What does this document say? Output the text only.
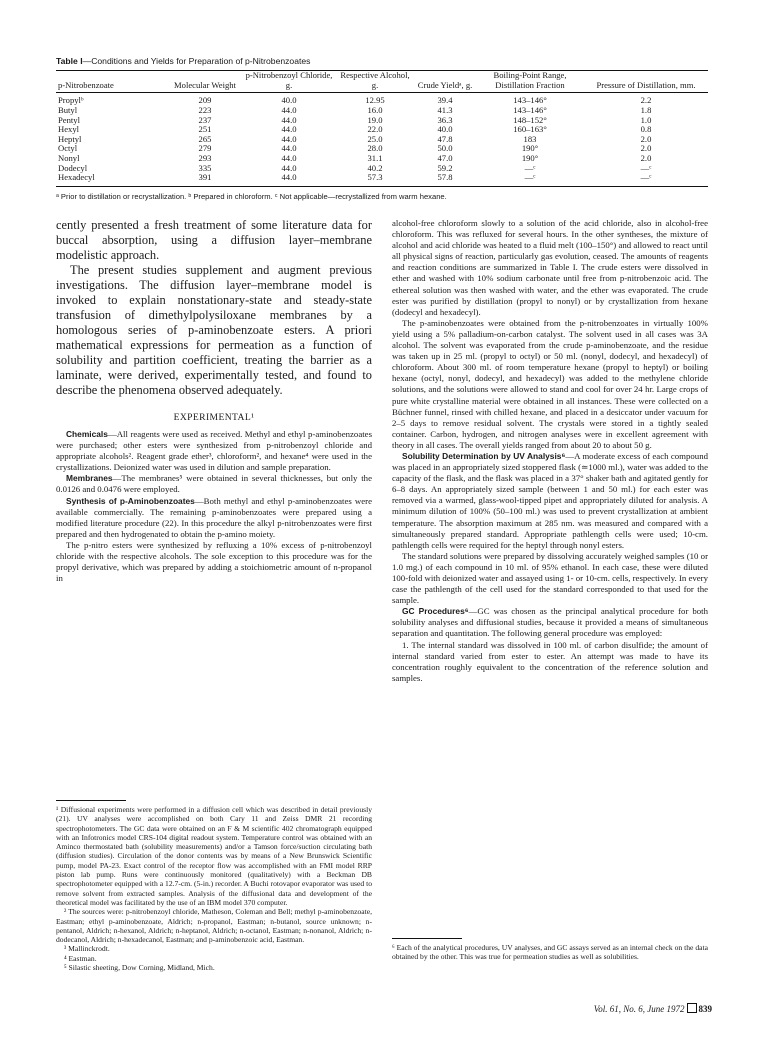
Table I—Conditions and Yields for Preparation of p-Nitrobenzoates
p-Nitrobenzoate	Molecular Weight	p-Nitrobenzoyl Chloride, g.	Respective Alcohol, g.	Crude Yieldᵃ, g.	Boiling-Point Range, Distillation Fraction	Pressure of Distillation, mm.
Propylᵇ	209	40.0	12.95	39.4	143–146°	2.2
Butyl	223	44.0	16.0	41.3	143–146°	1.8
Pentyl	237	44.0	19.0	36.3	148–152°	1.0
Hexyl	251	44.0	22.0	40.0	160–163°	0.8
Heptyl	265	44.0	25.0	47.8	183	2.0
Octyl	279	44.0	28.0	50.0	190°	2.0
Nonyl	293	44.0	31.1	47.0	190°	2.0
Dodecyl	335	44.0	40.2	59.2	—ᶜ	—ᶜ
Hexadecyl	391	44.0	57.3	57.8	—ᶜ	—ᶜ
ᵃ Prior to distillation or recrystallization. ᵇ Prepared in chloroform. ᶜ Not applicable—recrystallized from warm hexane.

cently presented a fresh treatment of some literature data for buccal absorption, using a diffusion layer–membrane modelistic approach.

The present studies supplement and augment previous investigations. The diffusion layer–membrane model is invoked to explain nonstationary-state and steady-state transfusion of dimethylpolysiloxane membranes by a homologous series of p-aminobenzoate esters. A priori mathematical expressions for permeation as a function of solubility and partition coefficient, treating the barrier as a laminate, were derived, experimentally tested, and found to describe the phenomena observed adequately.

EXPERIMENTAL¹

Chemicals—All reagents were used as received. Methyl and ethyl p-aminobenzoates were purchased; other esters were synthesized from p-nitrobenzoyl chloride and appropriate alcohols². Reagent grade ether³, chloroform², and hexane⁴ were used in the crystallizations. Deionized water was used in dilution and sample preparation.

Membranes—The membranes⁵ were obtained in several thicknesses, but only the 0.0126 and 0.0476 were employed.

Synthesis of p-Aminobenzoates—Both methyl and ethyl p-aminobenzoates were available commercially. The remaining p-aminobenzoates were prepared using a modified literature procedure (22). In this procedure the alkyl p-nitrobenzoates were first prepared and then hydrogenated to obtain the p-amino moiety.

The p-nitro esters were synthesized by refluxing a 10% excess of p-nitrobenzoyl chloride with the respective alcohols. The sole exception to this procedure was for the propyl derivative, which was prepared by adding a stoichiometric amount of n-propanol in

alcohol-free chloroform slowly to a solution of the acid chloride, also in alcohol-free chloroform. This was refluxed for several hours. In the other syntheses, the mixture of alcohol and acid chloride was heated to a fluid melt (100–150°) and allowed to react until all physical signs of reaction, particularly gas evolution, ceased. The amounts of reagents and reaction conditions are summarized in Table I. The crude esters were dissolved in ether and washed with 10% sodium carbonate until free from p-nitrobenzoic acid. The ethereal solution was then washed with water, and the ether was evaporated. The crude ester was purified by distillation (propyl to nonyl) or by crystallization from hexane (dodecyl and hexadecyl).

The p-aminobenzoates were obtained from the p-nitrobenzoates in virtually 100% yield using a 5% palladium-on-carbon catalyst. The solvent used in all cases was 3A alcohol. The solvent was evaporated from the crude p-aminobenzoate, and the residue was taken up in 25 ml. (propyl to octyl) or 50 ml. (nonyl, dodecyl, and hexadecyl) of chloroform. About 300 ml. of room temperature hexane (propyl to heptyl) or boiling hexane (octyl, nonyl, dodecyl, and hexadecyl) was added to the methylene chloride solutions, and the solutions were allowed to stand and cool for over 24 hr. Large crops of pure white crystalline material were obtained in all instances. These were collected on a Büchner funnel, rinsed with chilled hexane, and placed in a desiccator under vacuum for 2–5 days to remove residual solvent. The crystals were stored in a tightly sealed container. Carbon, hydrogen, and nitrogen analyses were in excellent agreement with theory in all cases. The overall yields ranged from about 20 to about 50 g.

Solubility Determination by UV Analysis⁶—A moderate excess of each compound was placed in an appropriately sized stoppered flask (≃1000 ml.), water was added to the capacity of the flask, and the flask was placed in a 37° shaker bath and agitated gently for 6–8 days. An appropriately sized sample (between 1 and 50 ml.) for each ester was removed via a warmed, glass-wool-tipped pipet and appropriately diluted for analysis. A minimum dilution of 100% (50–100 ml.) was used to prevent crystallization at ambient temperature. The absorption maximum at 285 nm. was measured and compared with a simultaneously prepared standard. Appropriate pathlength cells were used; 10-cm. pathlength cells were required for the heptyl through nonyl esters.

The standard solutions were prepared by dissolving accurately weighed samples (10 or 1.0 mg.) of each compound in 10 ml. of 95% ethanol. In each case, these were diluted 100-fold with deionized water and assayed using 1- or 10-cm. cells, respectively. In every case the pathlength of the cell used for the standard corresponded to that used for the sample.

GC Procedures⁶—GC was chosen as the principal analytical procedure for both solubility analyses and diffusional studies, because it provided a means of simultaneous separation and quantitation. The following general procedure was employed:

1. The internal standard was dissolved in 100 ml. of carbon disulfide; the amount of internal standard varied from ester to ester. An attempt was made to have its concentration roughly equivalent to the concentration of the reference solution and samples.

¹ Diffusional experiments were performed in a diffusion cell which was described in detail previously (21). UV analyses were accomplished on both Cary 11 and Zeiss DMR 21 recording spectrophotometers. The GC data were obtained on an F & M scientific 402 chromatograph equipped with an Infotronics model CRS-104 digital readout system. Temperature control was obtained with an Aminco thermostated bath (solubility measurements) and/or a Tamson force/suction circulating bath (diffusion studies). Circulation of the donor contents was by means of a New Brunswick Scientific pump, model PA-23. Exact control of the receptor flow was accomplished with an FMI model RRP piston lab pump. Runs were continuously monitored (qualitatively) with a Beckman DB spectrophotometer equipped with a 12.7-cm. (5-in.) recorder. A Buchi rotovapor evaporator was used to remove solvent from extracted samples. Analysis of the diffusional data and development of the theoretical model was facilitated by the use of an IBM model 370 computer.

² The sources were: p-nitrobenzoyl chloride, Matheson, Coleman and Bell; methyl p-aminobenzoate, Eastman; ethyl p-aminobenzoate, Aldrich; n-propanol, Eastman; n-butanol, source unknown; n-pentanol, Aldrich; n-hexanol, Aldrich; n-heptanol, Aldrich; n-octanol, Eastman; n-nonanol, Aldrich; n-dodecanol, Aldrich; n-hexadecanol, Eastman; and p-aminobenzoic acid, Eastman.

³ Mallinckrodt.

⁴ Eastman.

⁵ Silastic sheeting, Dow Corning, Midland, Mich.

⁶ Each of the analytical procedures, UV analyses, and GC assays served as an internal check on the data obtained by the other. This was true for permeation studies as well as solubilities.

Vol. 61, No. 6, June 1972 839
